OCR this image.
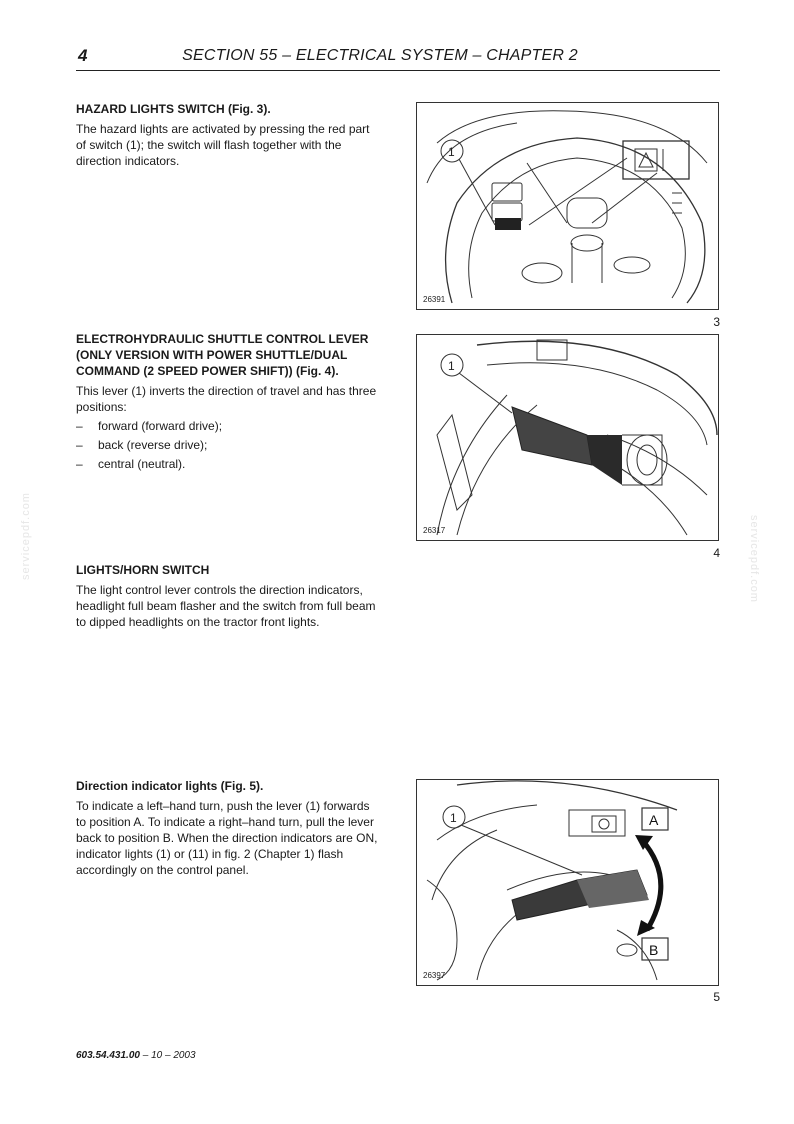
4	SECTION 55 – ELECTRICAL SYSTEM – CHAPTER 2
servicepdf.com	servicepdf.com
HAZARD LIGHTS SWITCH (Fig. 3).
The hazard lights are activated by pressing the red part of switch (1); the switch will flash together with the direction indicators.
1
26391
3
ELECTROHYDRAULIC SHUTTLE CONTROL LEVER (ONLY VERSION WITH POWER SHUTTLE/DUAL COMMAND (2 SPEED POWER SHIFT)) (Fig. 4).
This lever (1) inverts the direction of travel and has three positions:
– forward (forward drive);
– back (reverse drive);
– central (neutral).
1
26317
4
LIGHTS/HORN SWITCH
The light control lever controls the direction indicators, headlight full beam flasher and the switch from full beam to dipped headlights on the tractor front lights.
Direction indicator lights (Fig. 5).
To indicate a left–hand turn, push the lever (1) forwards to position A. To indicate a right–hand turn, pull the lever back to position B. When the direction indicators are ON, indicator lights (1) or (11) in fig. 2 (Chapter 1) flash accordingly on the control panel.
1	A
B
26397
5
603.54.431.00 – 10 – 2003
